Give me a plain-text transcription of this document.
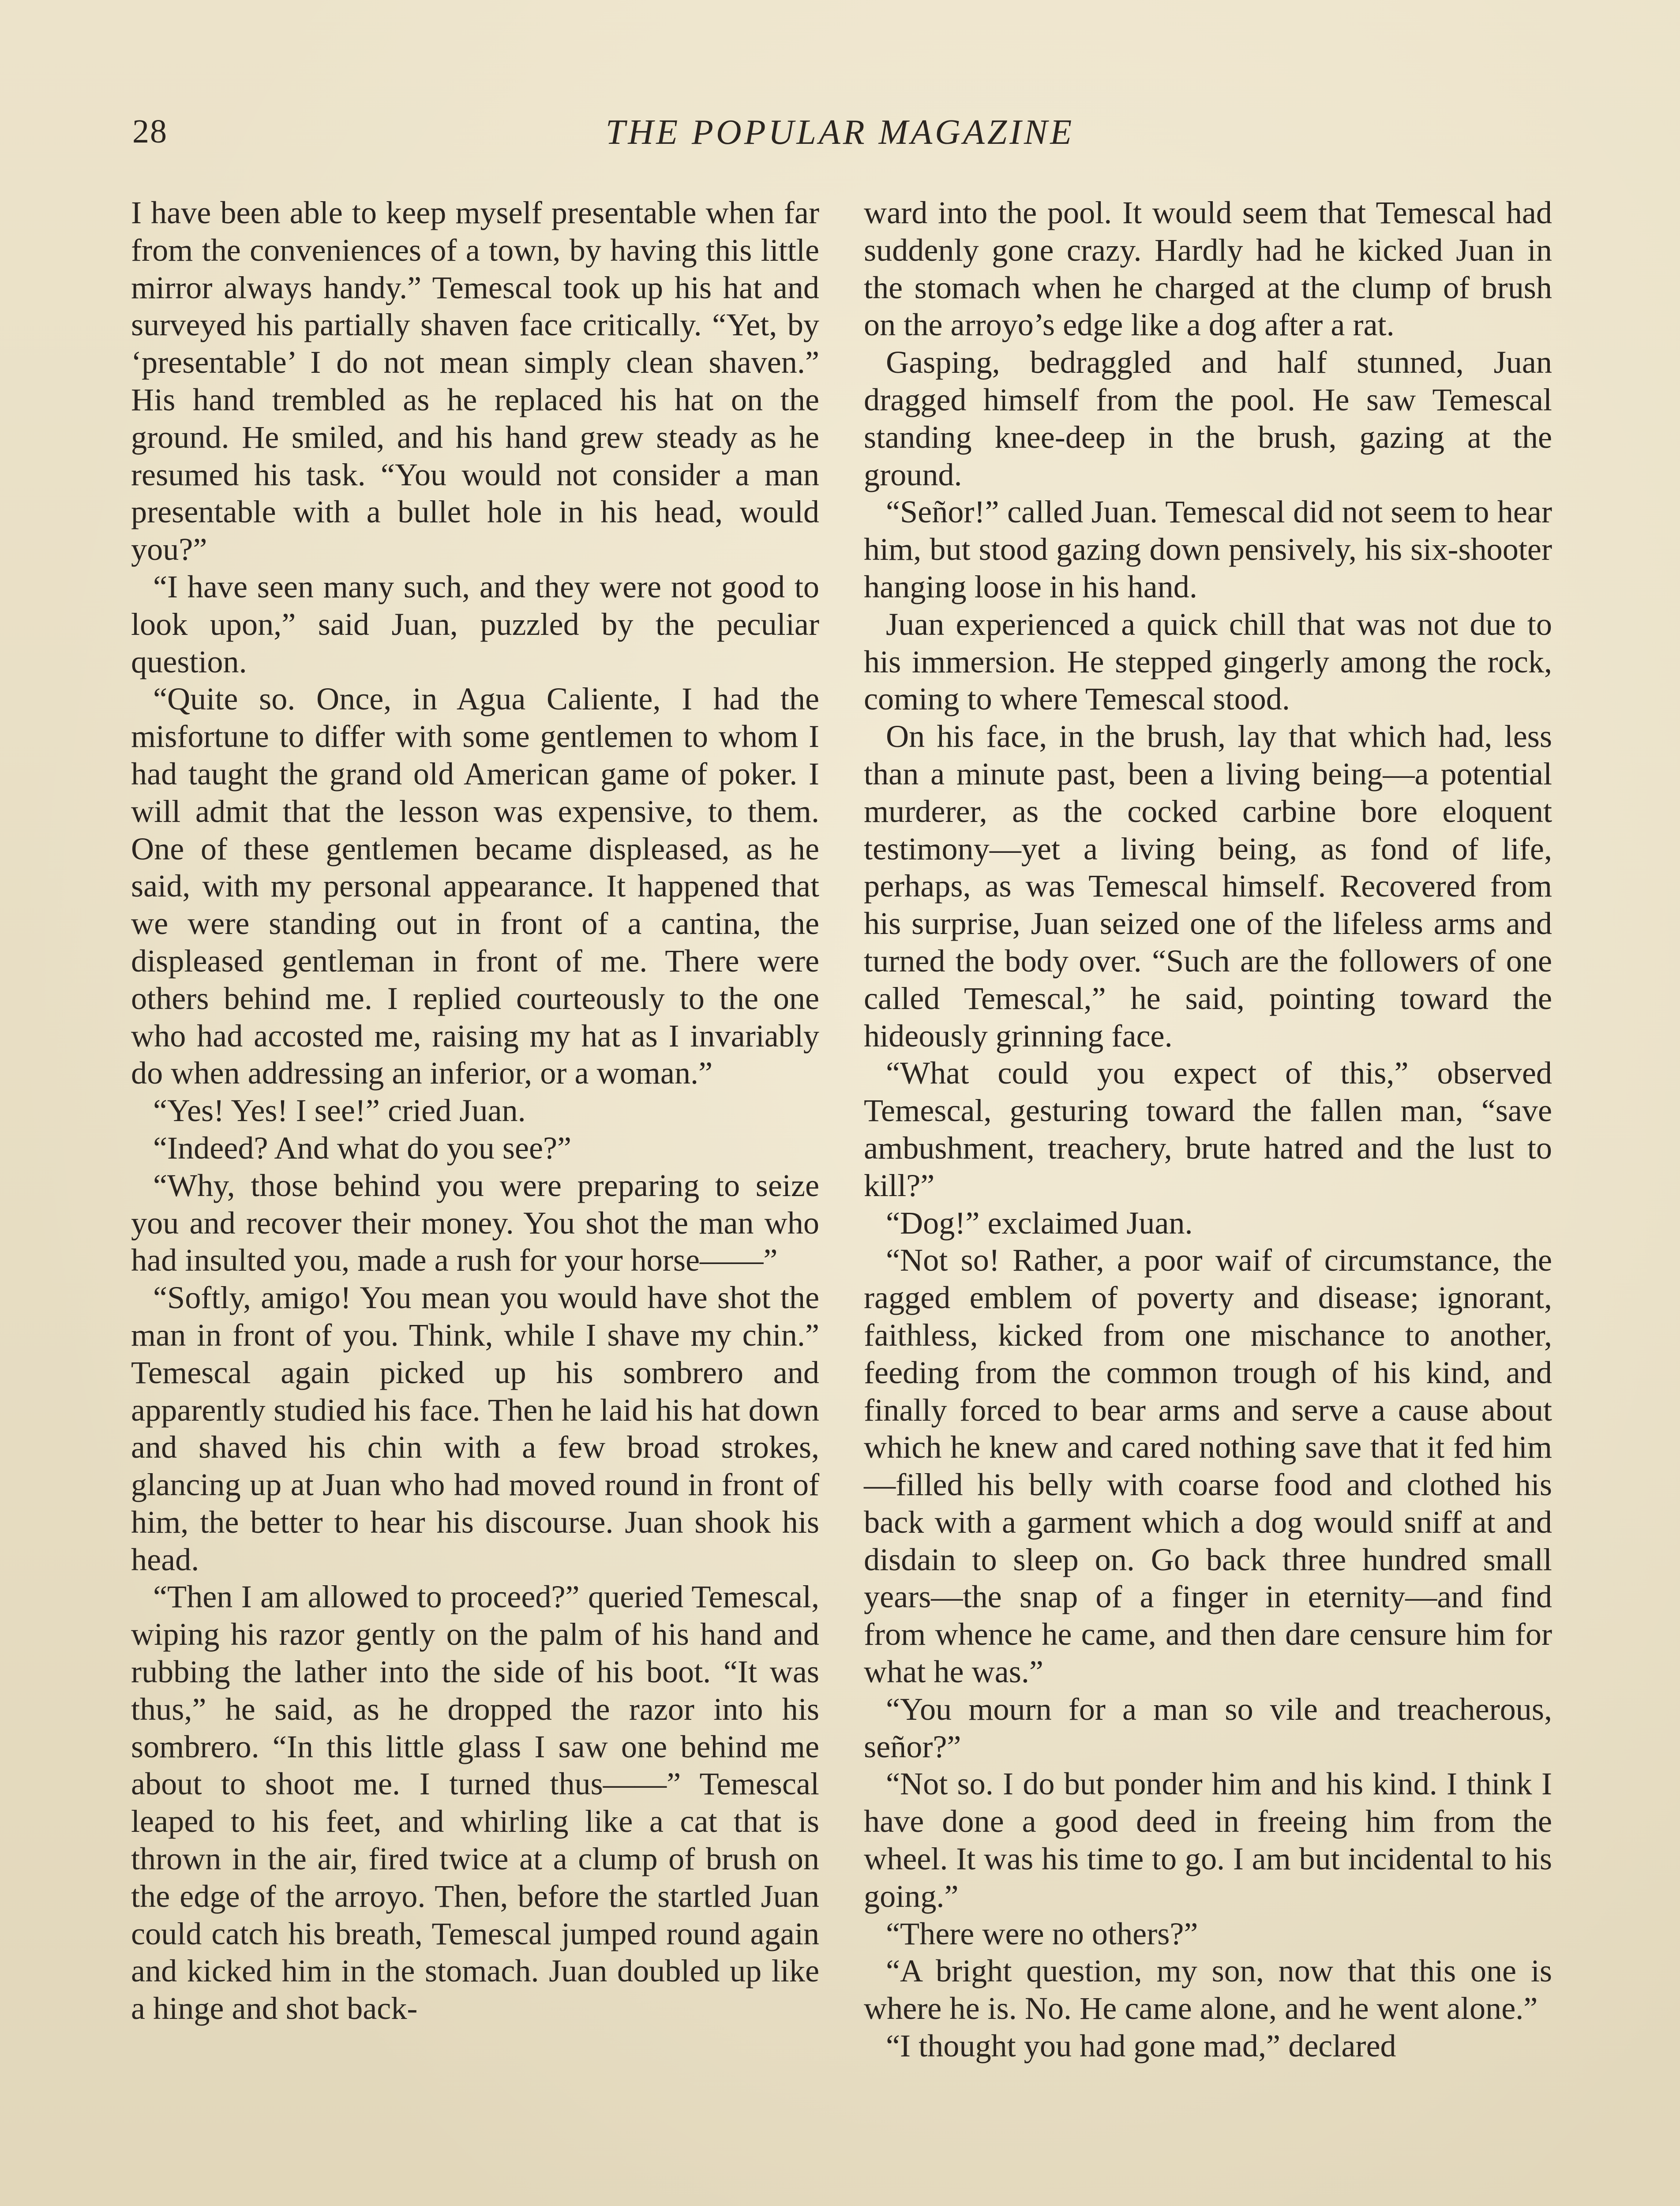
28	THE POPULAR MAGAZINE

I have been able to keep myself presentable when far from the conveniences of a town, by having this little mirror always handy.” Temescal took up his hat and surveyed his partially shaven face critically. “Yet, by ‘presentable’ I do not mean simply clean shaven.” His hand trembled as he replaced his hat on the ground. He smiled, and his hand grew steady as he resumed his task. “You would not consider a man presentable with a bullet hole in his head, would you?”

“I have seen many such, and they were not good to look upon,” said Juan, puzzled by the peculiar question.

“Quite so. Once, in Agua Caliente, I had the misfortune to differ with some gentlemen to whom I had taught the grand old American game of poker. I will admit that the lesson was expensive, to them. One of these gentlemen became displeased, as he said, with my personal appearance. It happened that we were standing out in front of a cantina, the displeased gentleman in front of me. There were others behind me. I replied courteously to the one who had accosted me, raising my hat as I invariably do when addressing an inferior, or a woman.”

“Yes! Yes! I see!” cried Juan.

“Indeed? And what do you see?”

“Why, those behind you were preparing to seize you and recover their money. You shot the man who had insulted you, made a rush for your horse——”

“Softly, amigo! You mean you would have shot the man in front of you. Think, while I shave my chin.” Temescal again picked up his sombrero and apparently studied his face. Then he laid his hat down and shaved his chin with a few broad strokes, glancing up at Juan who had moved round in front of him, the better to hear his discourse. Juan shook his head.

“Then I am allowed to proceed?” queried Temescal, wiping his razor gently on the palm of his hand and rubbing the lather into the side of his boot. “It was thus,” he said, as he dropped the razor into his sombrero. “In this little glass I saw one behind me about to shoot me. I turned thus——” Temescal leaped to his feet, and whirling like a cat that is thrown in the air, fired twice at a clump of brush on the edge of the arroyo. Then, before the startled Juan could catch his breath, Temescal jumped round again and kicked him in the stomach. Juan doubled up like a hinge and shot back-

ward into the pool. It would seem that Temescal had suddenly gone crazy. Hardly had he kicked Juan in the stomach when he charged at the clump of brush on the arroyo’s edge like a dog after a rat.

Gasping, bedraggled and half stunned, Juan dragged himself from the pool. He saw Temescal standing knee-deep in the brush, gazing at the ground.

“Señor!” called Juan. Temescal did not seem to hear him, but stood gazing down pensively, his six-shooter hanging loose in his hand.

Juan experienced a quick chill that was not due to his immersion. He stepped gingerly among the rock, coming to where Temescal stood.

On his face, in the brush, lay that which had, less than a minute past, been a living being—a potential murderer, as the cocked carbine bore eloquent testimony—yet a living being, as fond of life, perhaps, as was Temescal himself. Recovered from his surprise, Juan seized one of the lifeless arms and turned the body over. “Such are the followers of one called Temescal,” he said, pointing toward the hideously grinning face.

“What could you expect of this,” observed Temescal, gesturing toward the fallen man, “save ambushment, treachery, brute hatred and the lust to kill?”

“Dog!” exclaimed Juan.

“Not so! Rather, a poor waif of circumstance, the ragged emblem of poverty and disease; ignorant, faithless, kicked from one mischance to another, feeding from the common trough of his kind, and finally forced to bear arms and serve a cause about which he knew and cared nothing save that it fed him—filled his belly with coarse food and clothed his back with a garment which a dog would sniff at and disdain to sleep on. Go back three hundred small years—the snap of a finger in eternity—and find from whence he came, and then dare censure him for what he was.”

“You mourn for a man so vile and treacherous, señor?”

“Not so. I do but ponder him and his kind. I think I have done a good deed in freeing him from the wheel. It was his time to go. I am but incidental to his going.”

“There were no others?”

“A bright question, my son, now that this one is where he is. No. He came alone, and he went alone.”

“I thought you had gone mad,” declared
